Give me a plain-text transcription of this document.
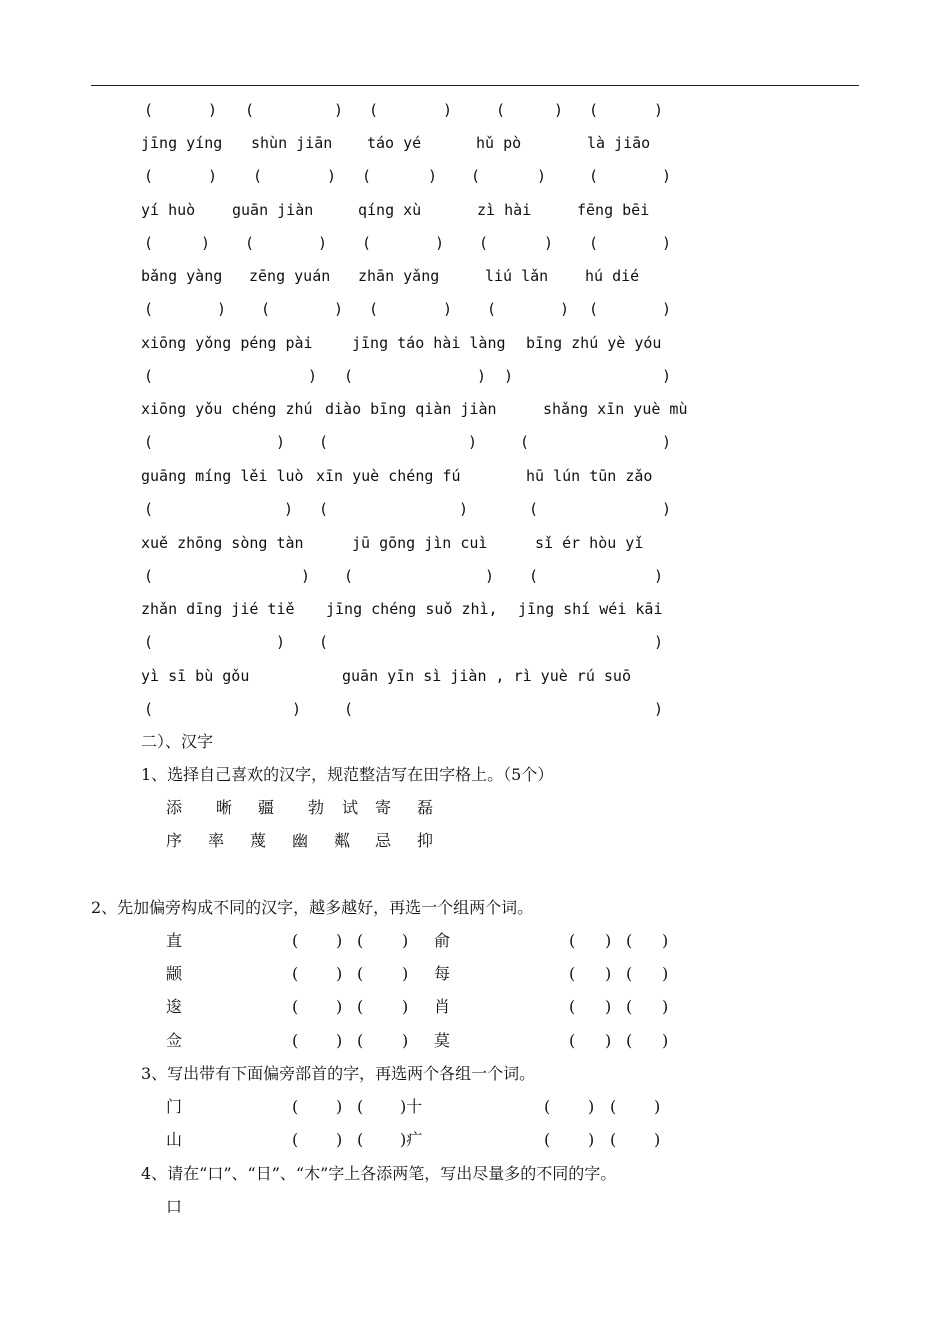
(	) (	) (	)	(	) (	)
jīng yíng shùn jiān táo yé	hǔ pò	là jiāo
(	) (	) (	) (	)	(	)
yí huò guān jiàn	qíng xù	zì hài	fēng bēi
(	) (	) (	) (	) (	)
bǎng yàng zēng yuán zhān yǎng	liú lǎn hú dié
(	) (	) (	) (	) (	)
xiōng yǒng péng pài	jīng táo hài làng bīng zhú yè yóu
(	) (	) )	)
xiōng yǒu chéng zhú diào bīng qiàn jiàn	shǎng xīn yuè mù
(	) (	)	(	)
guāng míng lěi luò xīn yuè chéng fú	hū lún tūn zǎo
(	) (	)	(	)
xuě zhōng sòng tàn	jū gōng jìn cuì	sǐ ér hòu yǐ
(	) (	) (	)
zhǎn dīng jié tiě jīng chéng suǒ zhì, jīng shí wéi kāi
(	) (	)
yì sī bù gǒu	guān yīn sì jiàn , rì yuè rú suō
(	)	(	)
二）、汉字
1、选择自己喜欢的汉字，规范整洁写在田字格上。（5个）
添 晰 疆 勃 试 寄 磊
序 率 蔑 幽 粼 忌 抑
2、先加偏旁构成不同的汉字，越多越好，再选一个组两个词。
直	( ) ( ) 俞	( ) ( )
颛	( ) ( ) 每	( ) ( )
逡	( ) ( ) 肖	( ) ( )
佥	( ) ( ) 莫	( ) ( )
3、写出带有下面偏旁部首的字，再选两个各组一个词。
门	( ) ( )十	( ) ( )
山	( ) ( )疒	( ) ( )
4、请在“口”、“日”、“木”字上各添两笔，写出尽量多的不同的字。
口
